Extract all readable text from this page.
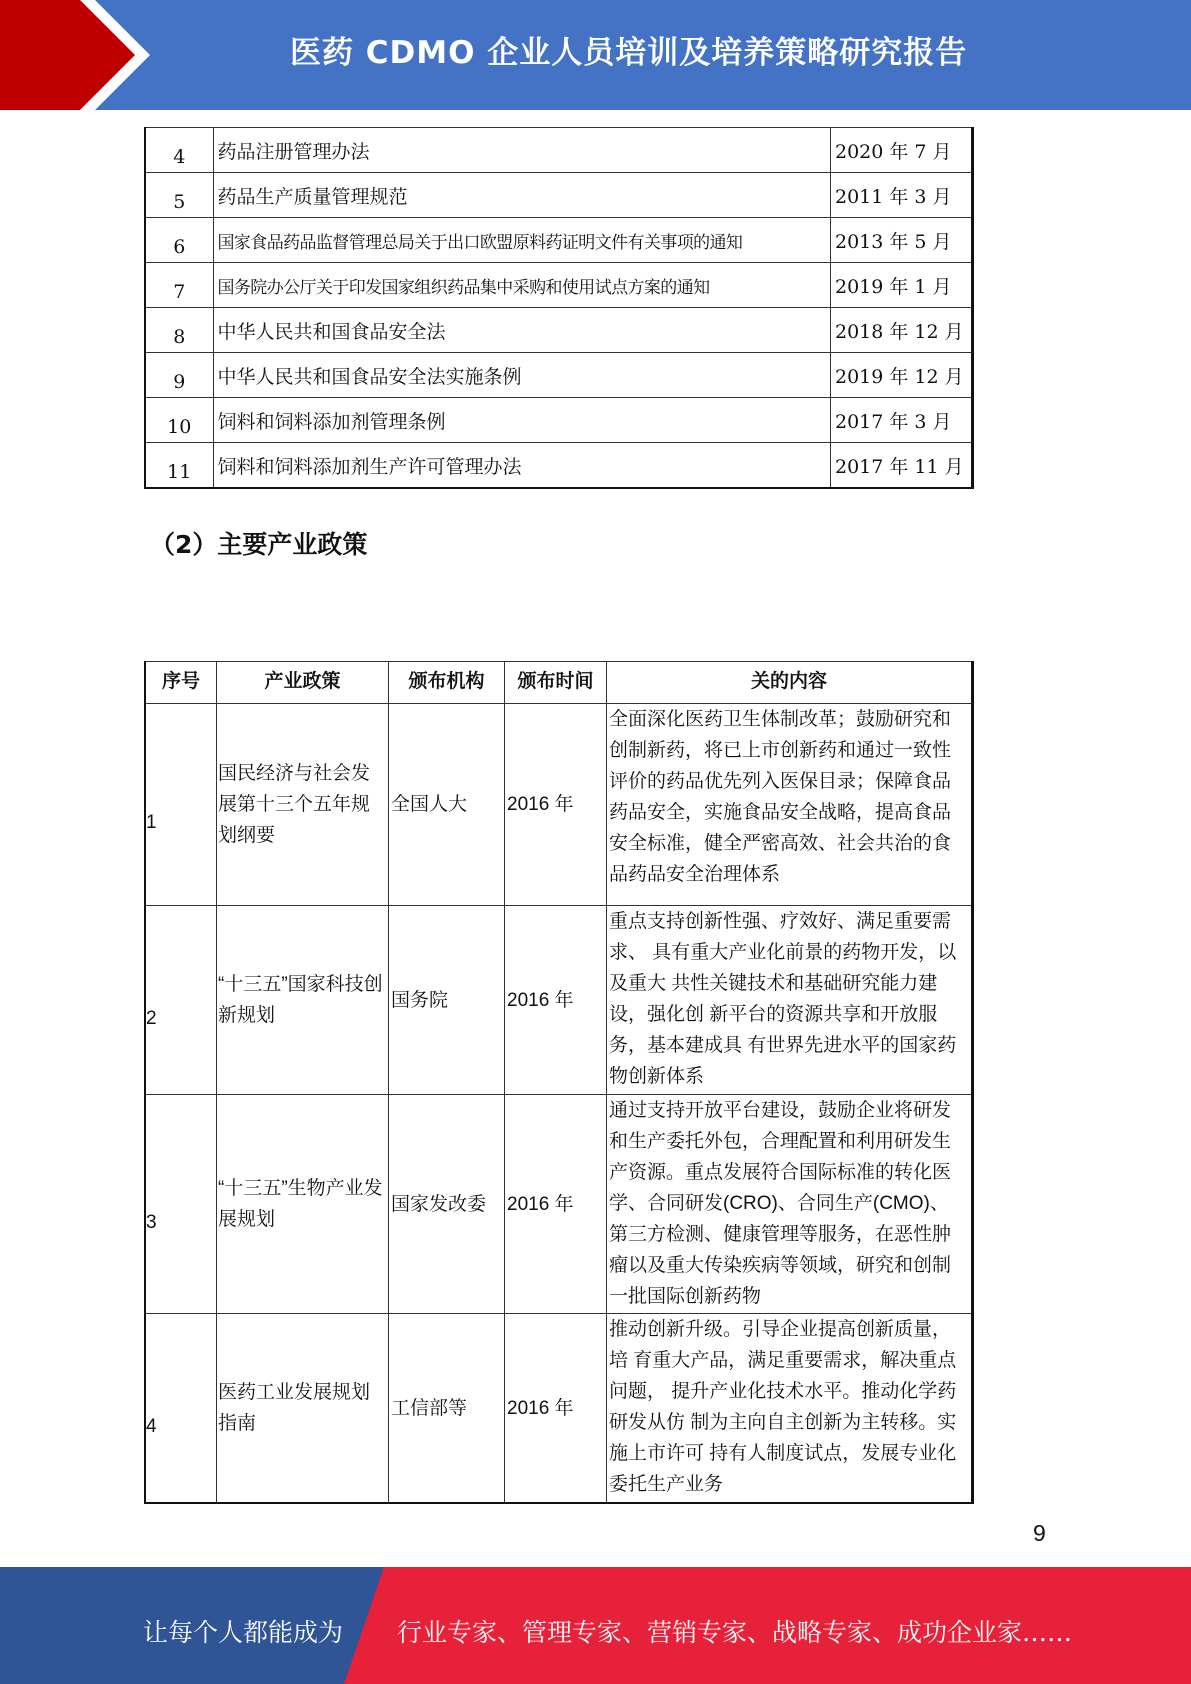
医药 CDMO 企业人员培训及培养策略研究报告
4	药品注册管理办法	2020 年 7 月
5	药品生产质量管理规范	2011 年 3 月
6	国家食品药品监督管理总局关于出口欧盟原料药证明文件有关事项的通知	2013 年 5 月
7	国务院办公厅关于印发国家组织药品集中采购和使用试点方案的通知	2019 年 1 月
8	中华人民共和国食品安全法	2018 年 12 月
9	中华人民共和国食品安全法实施条例	2019 年 12 月
10	饲料和饲料添加剂管理条例	2017 年 3 月
11	饲料和饲料添加剂生产许可管理办法	2017 年 11 月
（2）主要产业政策
序号	产业政策	颁布机构	颁布时间	关的内容
1	国民经济与社会发展第十三个五年规划纲要	全国人大	2016 年	全面深化医药卫生体制改革；鼓励研究和 创制新药，将已上市创新药和通过一致性 评价的药品优先列入医保目录；保障食品 药品安全，实施食品安全战略，提高食品 安全标准，健全严密高效、社会共治的食 品药品安全治理体系
2	“十三五”国家科技创新规划	国务院	2016 年	重点支持创新性强、疗效好、满足重要需求、 具有重大产业化前景的药物开发，以及重大 共性关键技术和基础研究能力建设，强化创 新平台的资源共享和开放服务，基本建成具 有世界先进水平的国家药物创新体系
3	“十三五”生物产业发展规划	国家发改委	2016 年	通过支持开放平台建设，鼓励企业将研发 和生产委托外包，合理配置和利用研发生 产资源。重点发展符合国际标准的转化医 学、合同研发(CRO)、合同生产(CMO)、 第三方检测、健康管理等服务，在恶性肿 瘤以及重大传染疾病等领域，研究和创制 一批国际创新药物
4	医药工业发展规划指南	工信部等	2016 年	推动创新升级。引导企业提高创新质量，培 育重大产品，满足重要需求，解决重点问题， 提升产业化技术水平。推动化学药研发从仿 制为主向自主创新为主转移。实施上市许可 持有人制度试点，发展专业化委托生产业务
9
让每个人都能成为 行业专家、管理专家、营销专家、战略专家、成功企业家……
